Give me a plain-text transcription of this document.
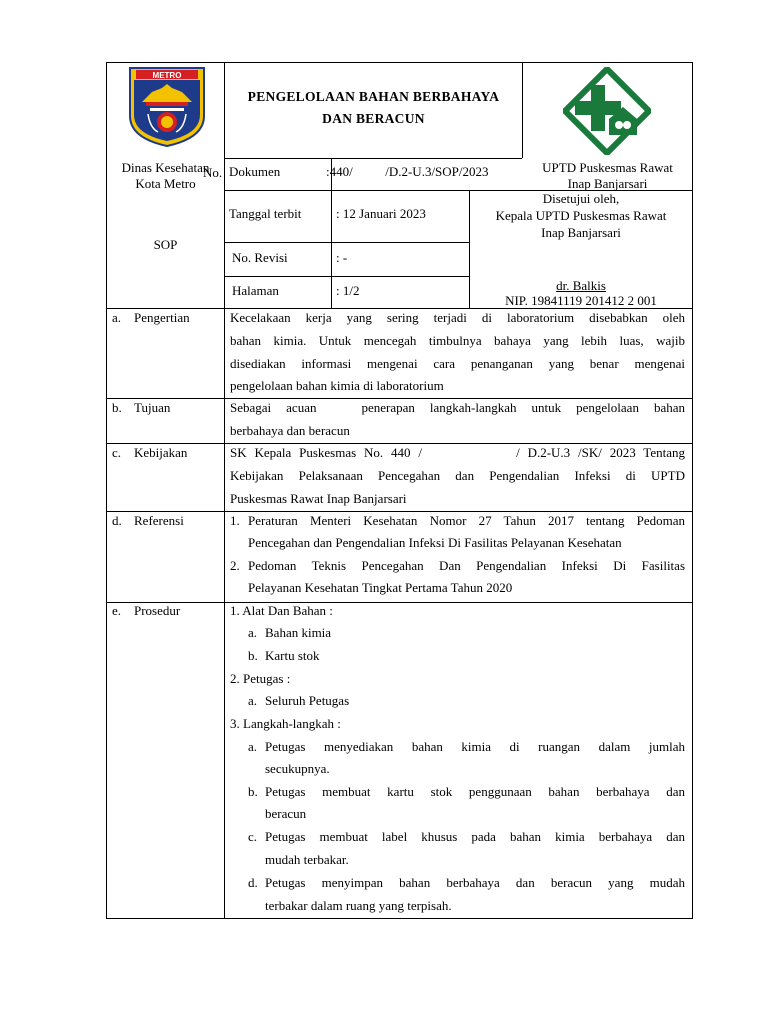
METRO
Dinas Kesehatan
Kota Metro
PENGELOLAAN BAHAN BERBAHAYA
DAN BERACUN
UPTD Puskesmas Rawat
Inap Banjarsari
No. Dokumen	:440/          /D.2-U.3/SOP/2023
Tanggal terbit	: 12 Januari 2023
No. Revisi	: -
Halaman	: 1/2
SOP
Disetujui oleh,
Kepala UPTD Puskesmas Rawat
Inap Banjarsari
dr. Balkis
NIP. 19841119 201412 2 001
a. Pengertian	Kecelakaan kerja yang sering terjadi di laboratorium disebabkan oleh
bahan kimia. Untuk mencegah timbulnya bahaya yang lebih luas, wajib
disediakan informasi mengenai cara penanganan yang benar mengenai
pengelolaan bahan kimia di laboratorium
b. Tujuan	Sebagai acuan   penerapan langkah-langkah untuk pengelolaan bahan
berbahaya dan beracun
c. Kebijakan	SK Kepala Puskesmas No. 440 /            / D.2-U.3 /SK/ 2023 Tentang
Kebijakan Pelaksanaan Pencegahan dan Pengendalian Infeksi di UPTD
Puskesmas Rawat Inap Banjarsari
d. Referensi	1. Peraturan Menteri Kesehatan Nomor 27 Tahun 2017 tentang Pedoman
Pencegahan dan Pengendalian Infeksi Di Fasilitas Pelayanan Kesehatan
2. Pedoman Teknis Pencegahan Dan Pengendalian Infeksi Di Fasilitas
Pelayanan Kesehatan Tingkat Pertama Tahun 2020
e. Prosedur	1. Alat Dan Bahan :
a. Bahan kimia
b. Kartu stok
2. Petugas :
a. Seluruh Petugas
3. Langkah-langkah :
a. Petugas menyediakan bahan kimia di ruangan dalam jumlah
secukupnya.
b. Petugas membuat kartu stok penggunaan bahan berbahaya dan
beracun
c. Petugas membuat label khusus pada bahan kimia berbahaya dan
mudah terbakar.
d. Petugas menyimpan bahan berbahaya dan beracun yang mudah
terbakar dalam ruang yang terpisah.
